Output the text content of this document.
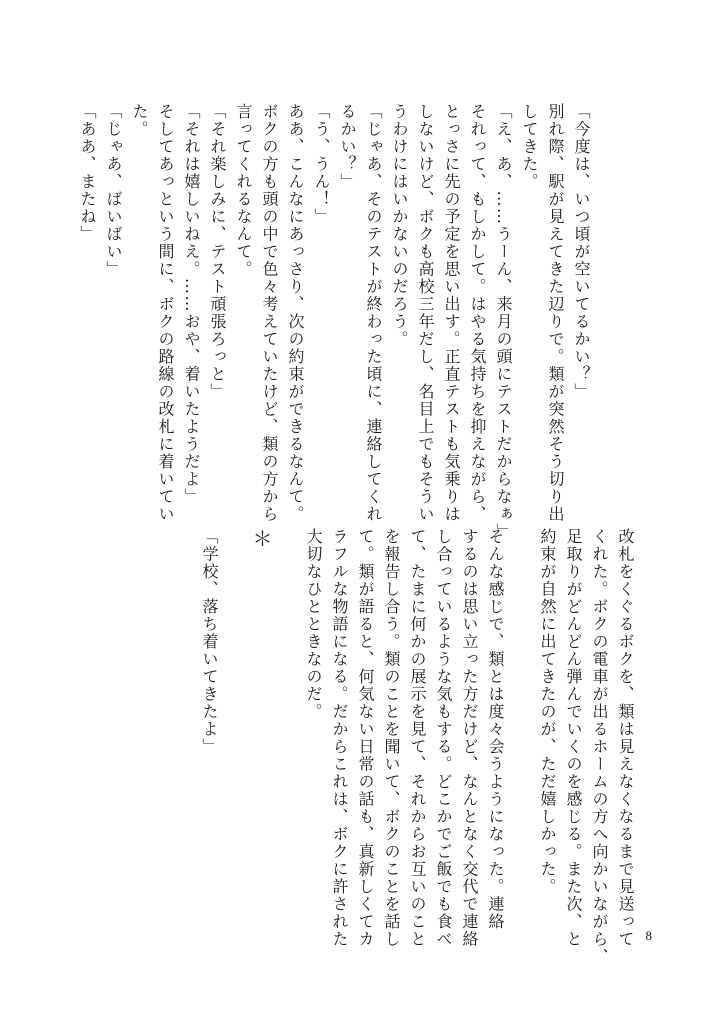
「今度は、いつ頃が空いてるかい？」
別れ際、駅が見えてきた辺りで。類が突然そう切り出
してきた。
「え、あ、……うーん、来月の頭にテストだからなぁ」
それって、もしかして。はやる気持ちを抑えながら、
とっさに先の予定を思い出す。正直テストも気乗りは
しないけど、ボクも高校三年だし、名目上でもそうい
うわけにはいかないのだろう。
「じゃあ、そのテストが終わった頃に、連絡してくれ
るかい？」
「う、うん！」
ああ、こんなにあっさり、次の約束ができるなんて。
ボクの方も頭の中で色々考えていたけど、類の方から
言ってくれるなんて。
「それ楽しみに、テスト頑張ろっと」
「それは嬉しいねえ。……おや、着いたようだよ」
そしてあっという間に、ボクの路線の改札に着いてい
た。
「じゃあ、ばいばい」
「ああ、またね」
改札をくぐるボクを、類は見えなくなるまで見送って
くれた。ボクの電車が出るホームの方へ向かいながら、
足取りがどんどん弾んでいくのを感じる。また次、と
約束が自然に出てきたのが、ただ嬉しかった。

そんな感じで、類とは度々会うようになった。連絡
するのは思い立った方だけど、なんとなく交代で連絡
し合っているような気もする。どこかでご飯でも食べ
て、たまに何かの展示を見て、それからお互いのこと
を報告し合う。類のことを聞いて、ボクのことを話し
て。類が語ると、何気ない日常の話も、真新しくてカ
ラフルな物語になる。だからこれは、ボクに許された
大切なひとときなのだ。

＊

「学校、落ち着いてきたよ」
8
